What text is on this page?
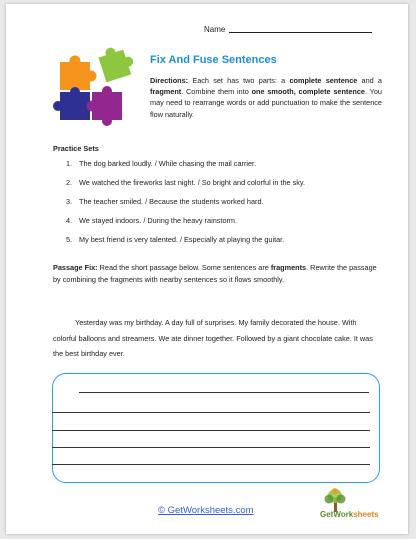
Name
Fix And Fuse Sentences
Directions: Each set has two parts: a complete sentence and a fragment. Combine them into one smooth, complete sentence. You may need to rearrange words or add punctuation to make the sentence flow naturally.
Practice Sets
1. The dog barked loudly. / While chasing the mail carrier.
2. We watched the fireworks last night. / So bright and colorful in the sky.
3. The teacher smiled. / Because the students worked hard.
4. We stayed indoors. / During the heavy rainstorm.
5. My best friend is very talented. / Especially at playing the guitar.
Passage Fix: Read the short passage below. Some sentences are fragments. Rewrite the passage by combining the fragments with nearby sentences so it flows smoothly.
Yesterday was my birthday. A day full of surprises. My family decorated the house. With colorful balloons and streamers. We ate dinner together. Followed by a giant chocolate cake. It was the best birthday ever.
© GetWorksheets.com	GetWorksheets
